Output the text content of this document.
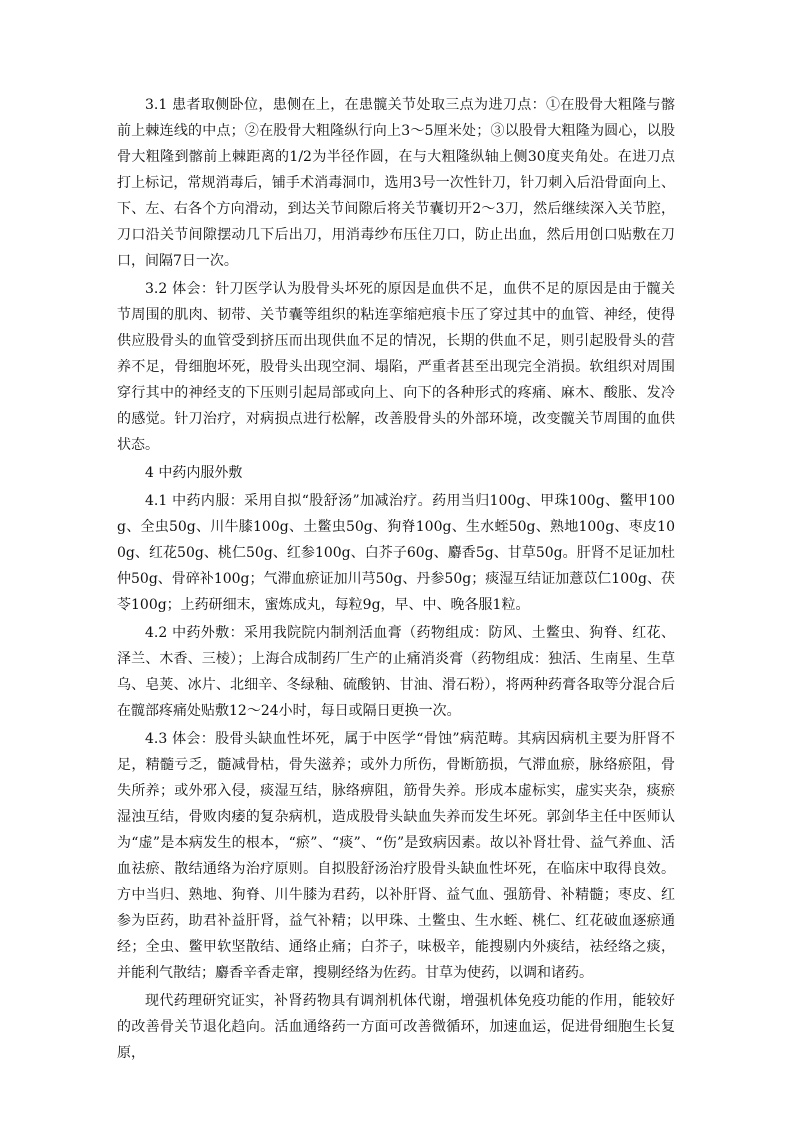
3.1 患者取侧卧位，患侧在上，在患髋关节处取三点为进刀点：①在股骨大粗隆与髂前上棘连线的中点；②在股骨大粗隆纵行向上3～5厘米处；③以股骨大粗隆为圆心，以股骨大粗隆到髂前上棘距离的1/2为半径作圆，在与大粗隆纵轴上侧30度夹角处。在进刀点打上标记，常规消毒后，铺手术消毒洞巾，选用3号一次性针刀，针刀刺入后沿骨面向上、下、左、右各个方向滑动，到达关节间隙后将关节囊切开2～3刀，然后继续深入关节腔，刀口沿关节间隙摆动几下后出刀，用消毒纱布压住刀口，防止出血，然后用创口贴敷在刀口，间隔7日一次。

3.2 体会：针刀医学认为股骨头坏死的原因是血供不足，血供不足的原因是由于髋关节周围的肌肉、韧带、关节囊等组织的粘连挛缩疤痕卡压了穿过其中的血管、神经，使得供应股骨头的血管受到挤压而出现供血不足的情况，长期的供血不足，则引起股骨头的营养不足，骨细胞坏死，股骨头出现空洞、塌陷，严重者甚至出现完全消损。软组织对周围穿行其中的神经支的下压则引起局部或向上、向下的各种形式的疼痛、麻木、酸胀、发冷的感觉。针刀治疗，对病损点进行松解，改善股骨头的外部环境，改变髋关节周围的血供状态。

4 中药内服外敷

4.1 中药内服：采用自拟“股舒汤”加减治疗。药用当归100g、甲珠100g、鳖甲100g、全虫50g、川牛膝100g、土鳖虫50g、狗脊100g、生水蛭50g、熟地100g、枣皮100g、红花50g、桃仁50g、红参100g、白芥子60g、麝香5g、甘草50g。肝肾不足证加杜仲50g、骨碎补100g；气滞血瘀证加川芎50g、丹参50g；痰湿互结证加薏苡仁100g、茯苓100g；上药研细末，蜜炼成丸，每粒9g，早、中、晚各服1粒。

4.2 中药外敷：采用我院院内制剂活血膏（药物组成：防风、土鳖虫、狗脊、红花、泽兰、木香、三棱）；上海合成制药厂生产的止痛消炎膏（药物组成：独活、生南星、生草乌、皂荚、冰片、北细辛、冬绿釉、硫酸钠、甘油、滑石粉），将两种药膏各取等分混合后在髋部疼痛处贴敷12～24小时，每日或隔日更换一次。

4.3 体会：股骨头缺血性坏死，属于中医学“骨蚀”病范畴。其病因病机主要为肝肾不足，精髓亏乏，髓减骨枯，骨失滋养；或外力所伤，骨断筋损，气滞血瘀，脉络瘀阻，骨失所养；或外邪入侵，痰湿互结，脉络痹阻，筋骨失养。形成本虚标实，虚实夹杂，痰瘀湿浊互结，骨败肉痿的复杂病机，造成股骨头缺血失养而发生坏死。郭剑华主任中医师认为“虚”是本病发生的根本，“瘀”、“痰”、“伤”是致病因素。故以补肾壮骨、益气养血、活血祛瘀、散结通络为治疗原则。自拟股舒汤治疗股骨头缺血性坏死，在临床中取得良效。方中当归、熟地、狗脊、川牛膝为君药，以补肝肾、益气血、强筋骨、补精髓；枣皮、红参为臣药，助君补益肝肾，益气补精；以甲珠、土鳖虫、生水蛭、桃仁、红花破血逐瘀通经；全虫、鳖甲软坚散结、通络止痛；白芥子，味极辛，能搜剔内外痰结，祛经络之痰，并能利气散结；麝香辛香走窜，搜剔经络为佐药。甘草为使药，以调和诸药。

现代药理研究证实，补肾药物具有调剂机体代谢，增强机体免疫功能的作用，能较好的改善骨关节退化趋向。活血通络药一方面可改善微循环，加速血运，促进骨细胞生长复原，
